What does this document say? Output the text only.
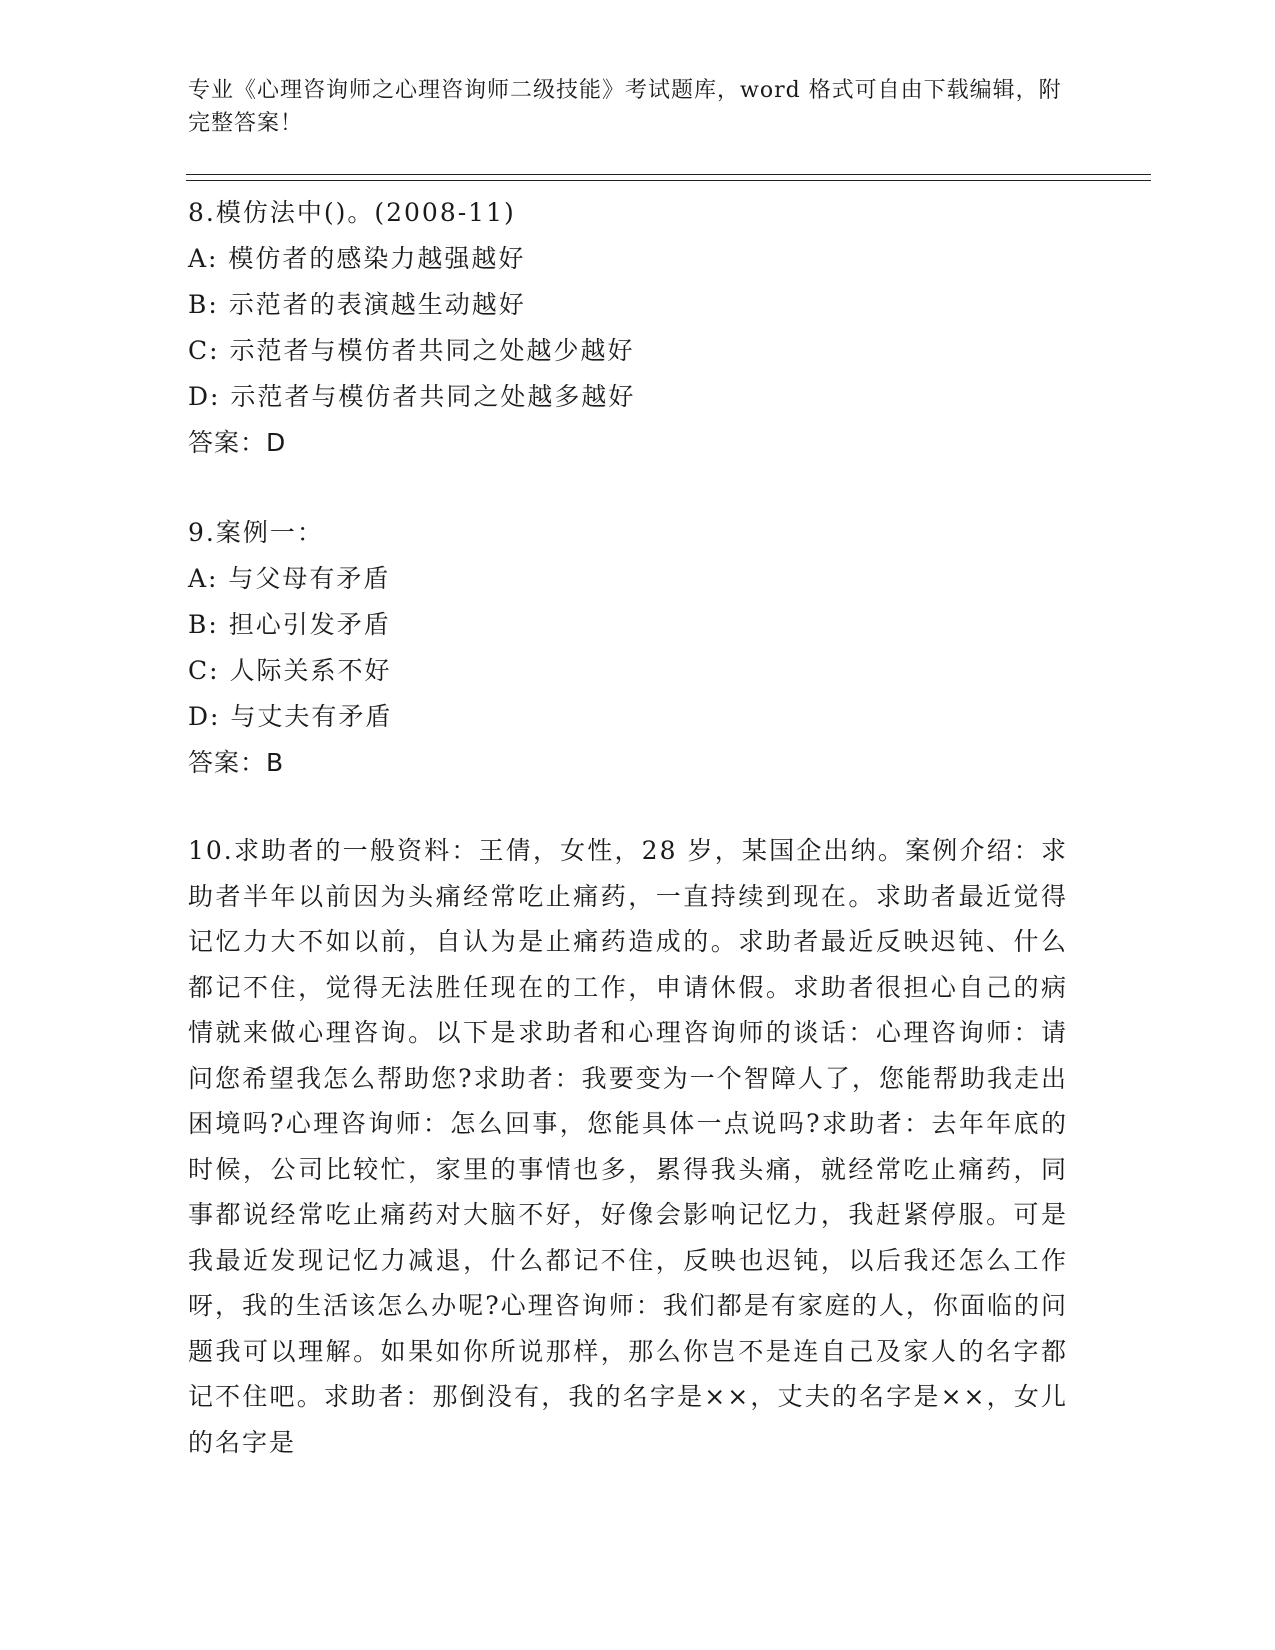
专业《心理咨询师之心理咨询师二级技能》考试题库，word 格式可自由下载编辑，附完整答案！
8.模仿法中()。(2008-11)
A: 模仿者的感染力越强越好
B: 示范者的表演越生动越好
C: 示范者与模仿者共同之处越少越好
D: 示范者与模仿者共同之处越多越好
答案：D
9.案例一：
A: 与父母有矛盾
B: 担心引发矛盾
C: 人际关系不好
D: 与丈夫有矛盾
答案：B
10.求助者的一般资料：王倩，女性，28 岁，某国企出纳。案例介绍：求助者半年以前因为头痛经常吃止痛药，一直持续到现在。求助者最近觉得记忆力大不如以前，自认为是止痛药造成的。求助者最近反映迟钝、什么都记不住，觉得无法胜任现在的工作，申请休假。求助者很担心自己的病情就来做心理咨询。以下是求助者和心理咨询师的谈话：心理咨询师：请问您希望我怎么帮助您?求助者：我要变为一个智障人了，您能帮助我走出困境吗?心理咨询师：怎么回事，您能具体一点说吗?求助者：去年年底的时候，公司比较忙，家里的事情也多，累得我头痛，就经常吃止痛药，同事都说经常吃止痛药对大脑不好，好像会影响记忆力，我赶紧停服。可是我最近发现记忆力减退，什么都记不住，反映也迟钝，以后我还怎么工作呀，我的生活该怎么办呢?心理咨询师：我们都是有家庭的人，你面临的问题我可以理解。如果如你所说那样，那么你岂不是连自己及家人的名字都记不住吧。求助者：那倒没有，我的名字是××，丈夫的名字是××，女儿的名字是
